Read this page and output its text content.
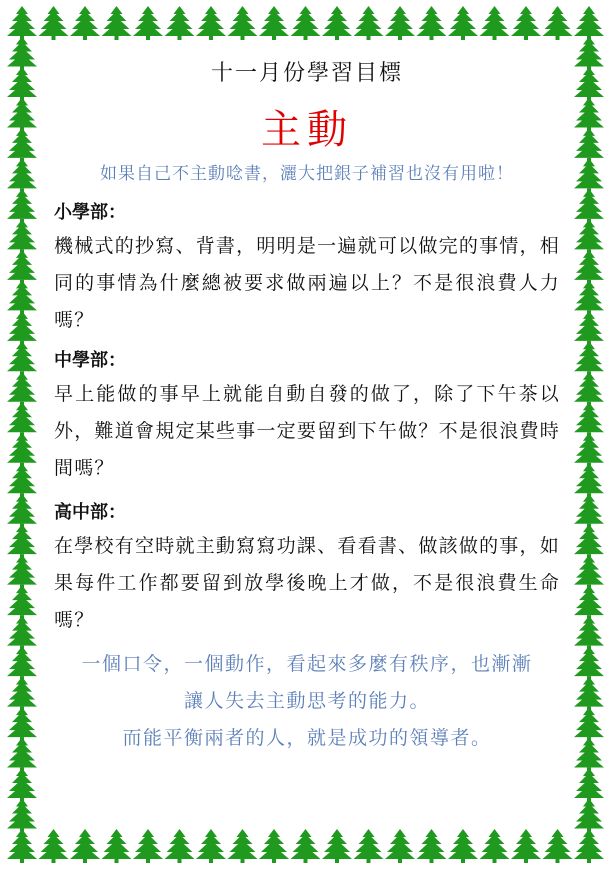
十一月份學習目標
主動
如果自己不主動唸書，灑大把銀子補習也沒有用啦！
小學部：
機械式的抄寫、背書，明明是一遍就可以做完的事情，相同的事情為什麼總被要求做兩遍以上？不是很浪費人力嗎？
中學部：
早上能做的事早上就能自動自發的做了，除了下午茶以外，難道會規定某些事一定要留到下午做？不是很浪費時間嗎？
高中部：
在學校有空時就主動寫寫功課、看看書、做該做的事，如果每件工作都要留到放學後晚上才做，不是很浪費生命嗎？
一個口令，一個動作，看起來多麼有秩序，也漸漸
讓人失去主動思考的能力。
而能平衡兩者的人，就是成功的領導者。
